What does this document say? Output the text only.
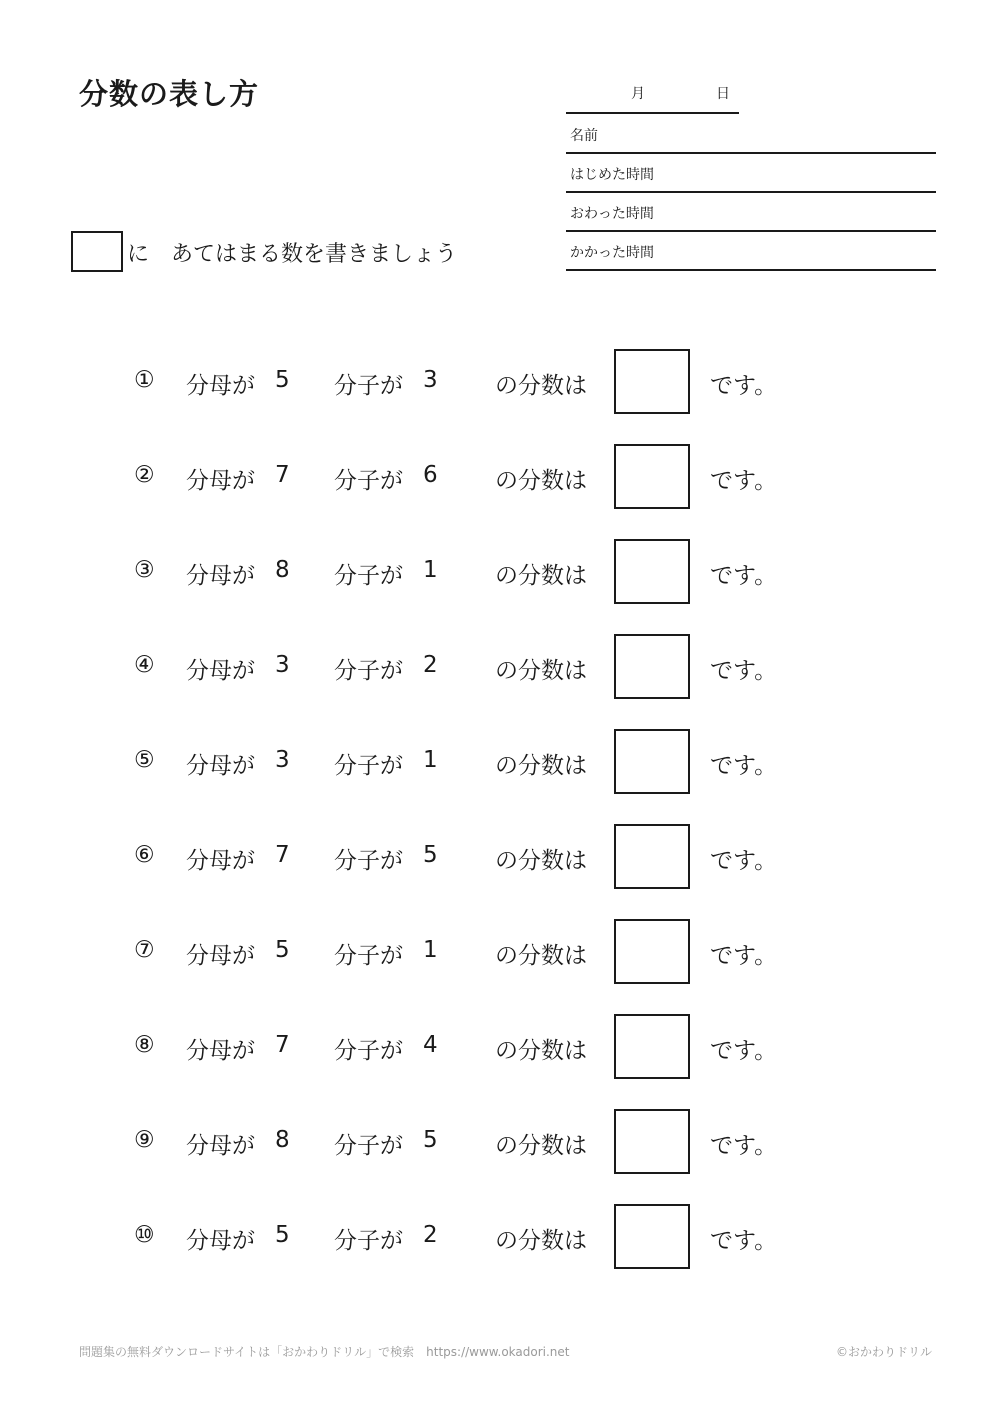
分数の表し方	月	日
名前
はじめた時間
おわった時間
かかった時間
に　あてはまる数を書きましょう
① 分母が 5 分子が 3 の分数は	です。
② 分母が 7 分子が 6 の分数は	です。
③ 分母が 8 分子が 1 の分数は	です。
④ 分母が 3 分子が 2 の分数は	です。
⑤ 分母が 3 分子が 1 の分数は	です。
⑥ 分母が 7 分子が 5 の分数は	です。
⑦ 分母が 5 分子が 1 の分数は	です。
⑧ 分母が 7 分子が 4 の分数は	です。
⑨ 分母が 8 分子が 5 の分数は	です。
⑩ 分母が 5 分子が 2 の分数は	です。
問題集の無料ダウンロードサイトは「おかわりドリル」で検索　https://www.okadori.net	©おかわりドリル
